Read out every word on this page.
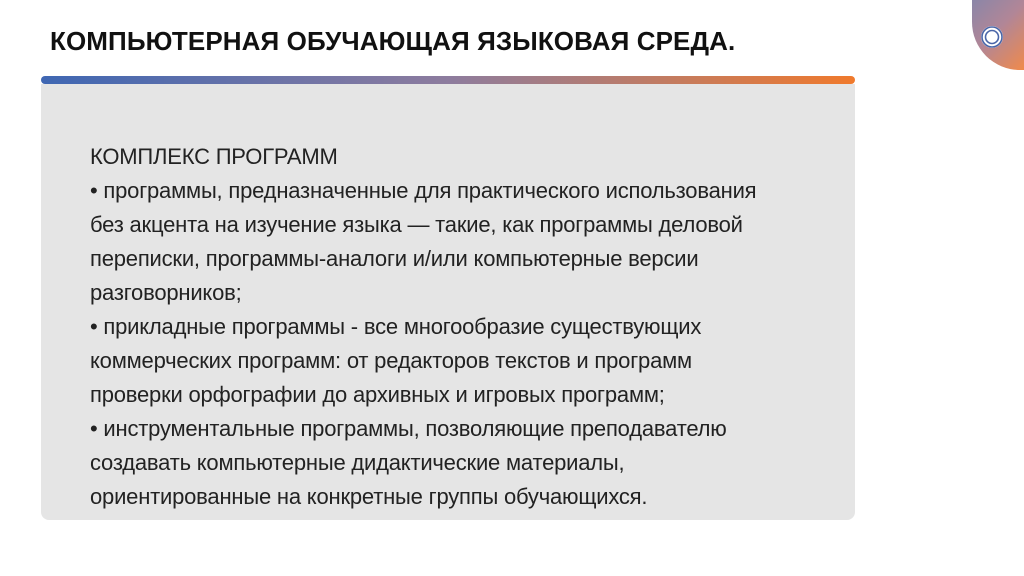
КОМПЬЮТЕРНАЯ ОБУЧАЮЩАЯ ЯЗЫКОВАЯ СРЕДА.

КОМПЛЕКС ПРОГРАММ
• программы, предназначенные для практического использования
без акцента на изучение языка — такие, как программы деловой
переписки, программы-аналоги и/или компьютерные версии
разговорников;
• прикладные программы - все многообразие существующих
коммерческих программ: от редакторов текстов и программ
проверки орфографии до архивных и игровых программ;
• инструментальные программы, позволяющие преподавателю
создавать компьютерные дидактические материалы,
ориентированные на конкретные группы обучающихся.
